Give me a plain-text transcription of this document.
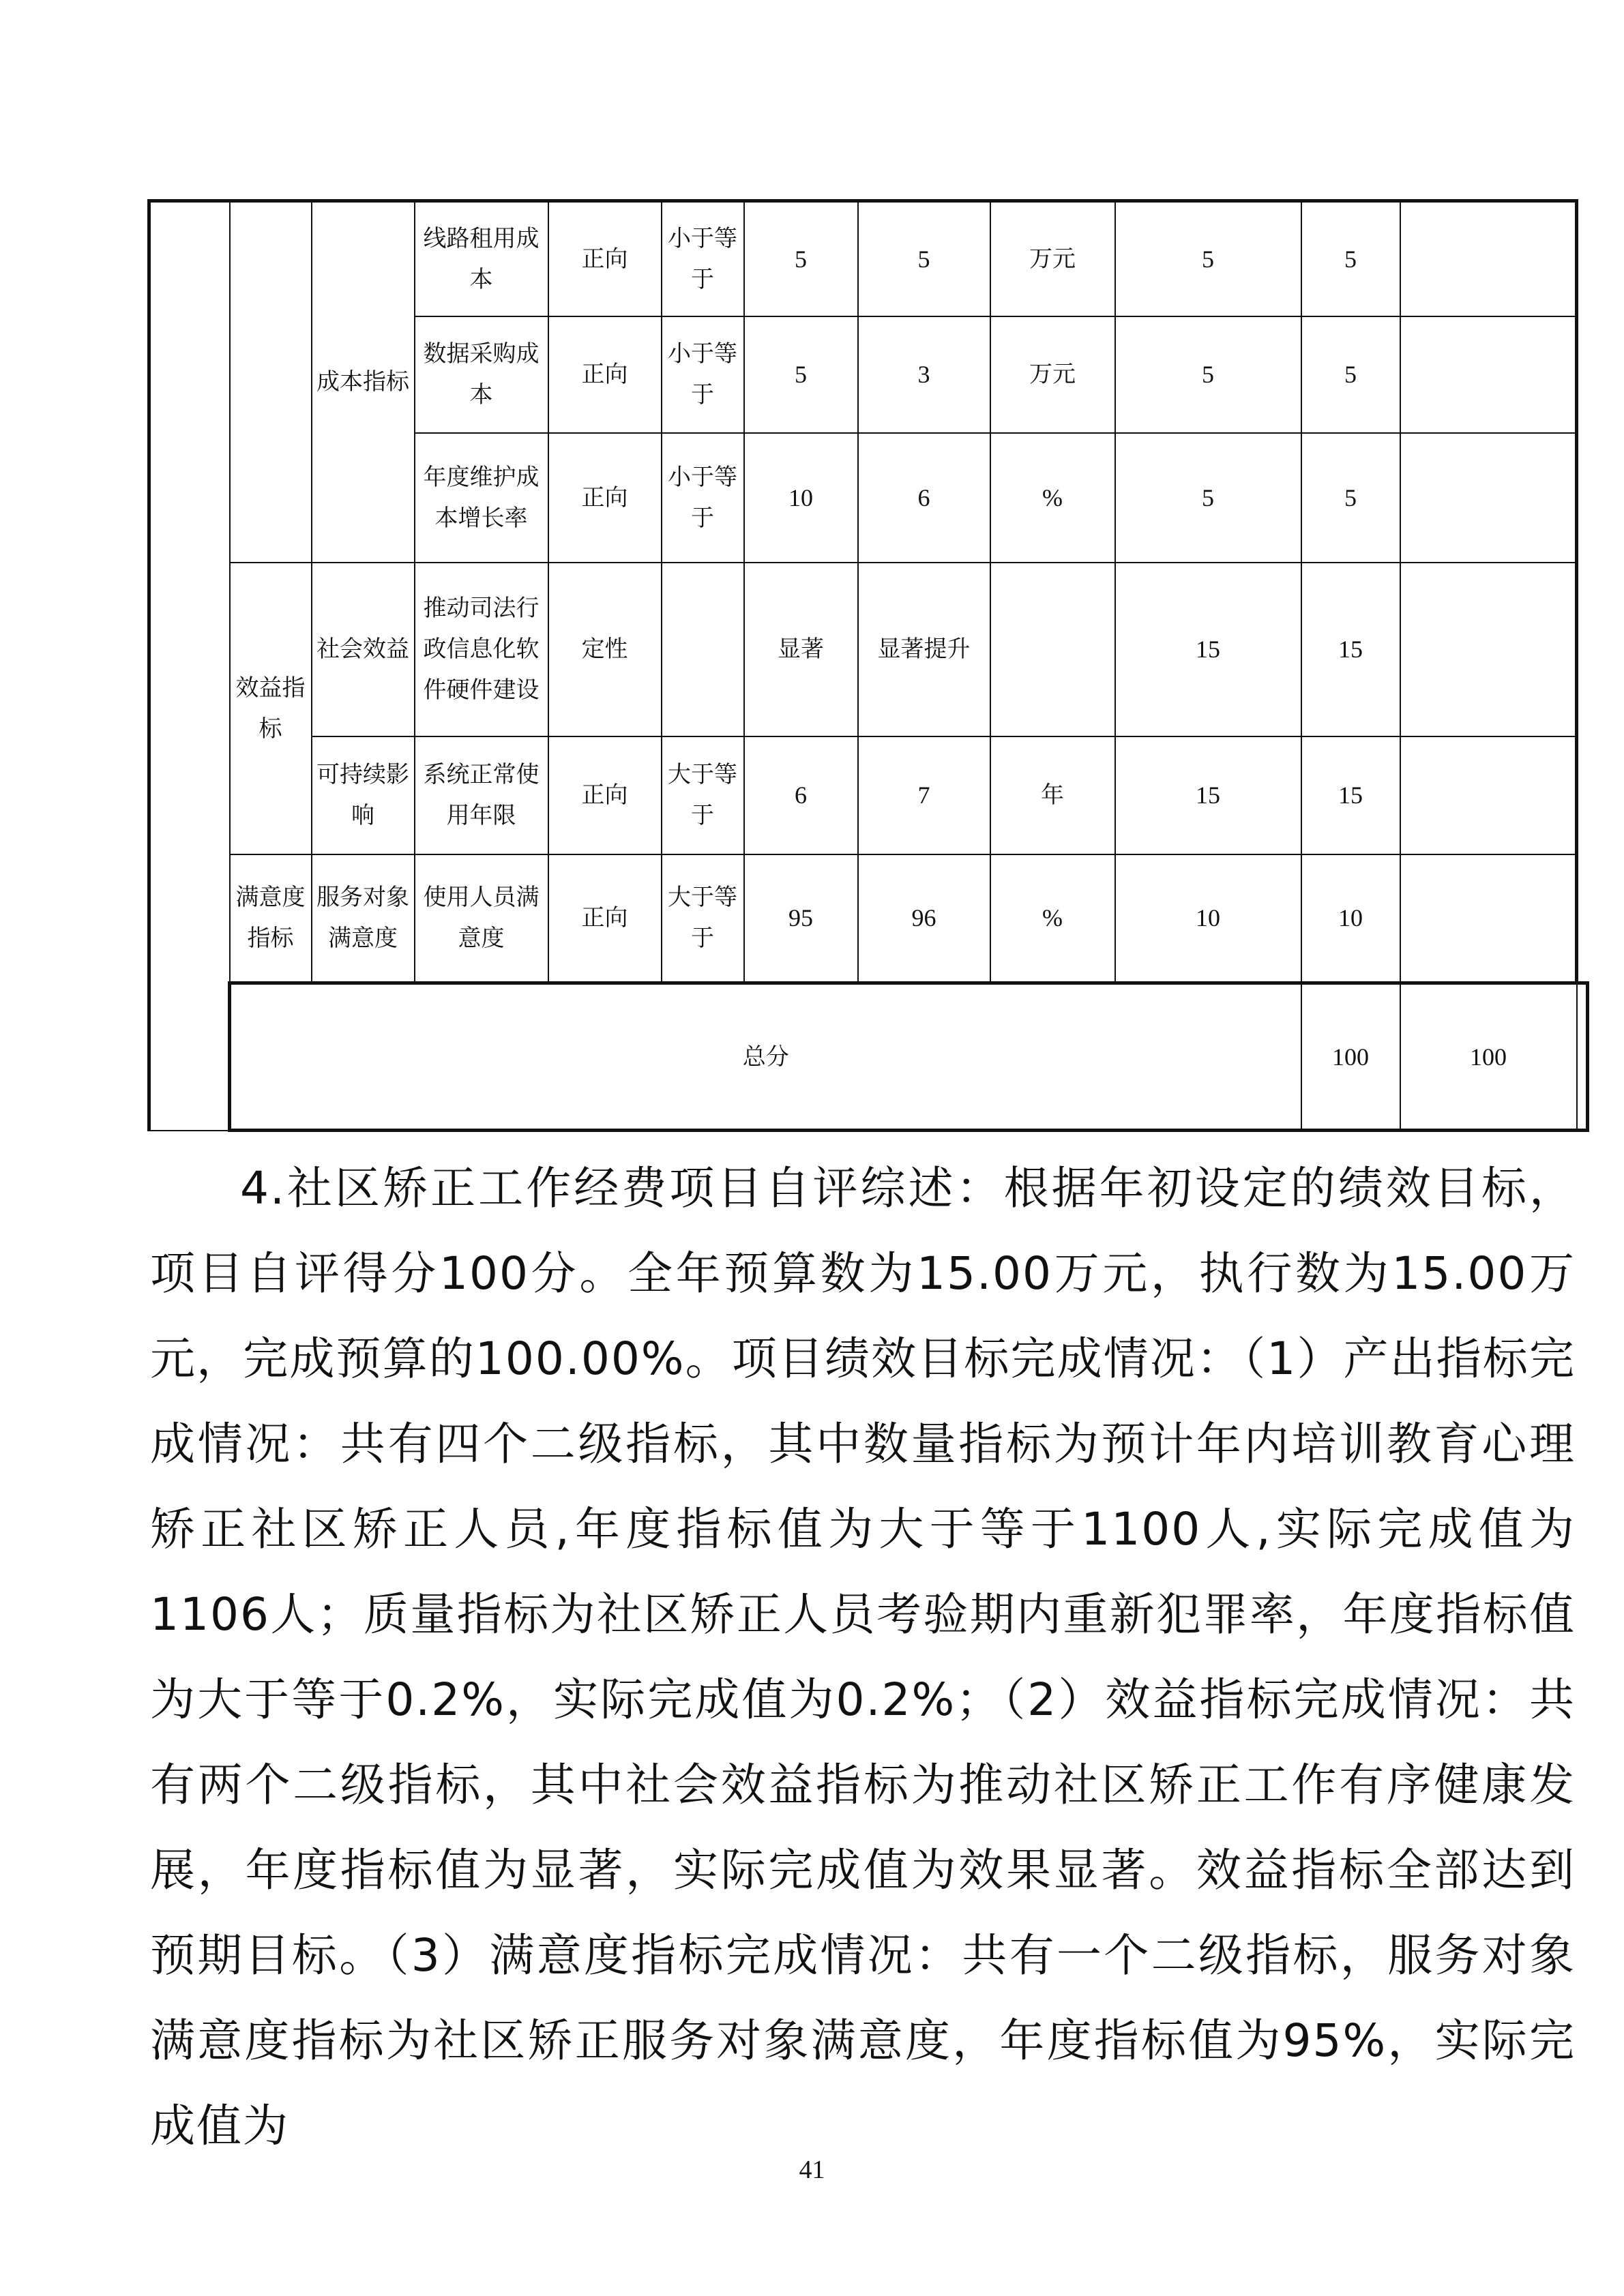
		成本指标	线路租用成本	正向	小于等于	5	5	万元	5	5		
			数据采购成本	正向	小于等于	5	3	万元	5	5		
			年度维护成本增长率	正向	小于等于	10	6	%	5	5		
	效益指标	社会效益	推动司法行政信息化软件硬件建设	定性		显著	显著提升		15	15		
		可持续影响	系统正常使用年限	正向	大于等于	6	7	年	15	15		
	满意度指标	服务对象满意度	使用人员满意度	正向	大于等于	95	96	%	10	10		
	总分									100	100	

4.社区矫正工作经费项目自评综述：根据年初设定的绩效目标，项目自评得分100分。全年预算数为15.00万元，执行数为15.00万元，完成预算的100.00%。项目绩效目标完成情况：（1）产出指标完成情况：共有四个二级指标，其中数量指标为预计年内培训教育心理矫正社区矫正人员,年度指标值为大于等于1100人,实际完成值为1106人；质量指标为社区矫正人员考验期内重新犯罪率，年度指标值为大于等于0.2%，实际完成值为0.2%；（2）效益指标完成情况：共有两个二级指标，其中社会效益指标为推动社区矫正工作有序健康发展，年度指标值为显著，实际完成值为效果显著。效益指标全部达到预期目标。（3）满意度指标完成情况：共有一个二级指标，服务对象满意度指标为社区矫正服务对象满意度，年度指标值为95%，实际完成值为

41
